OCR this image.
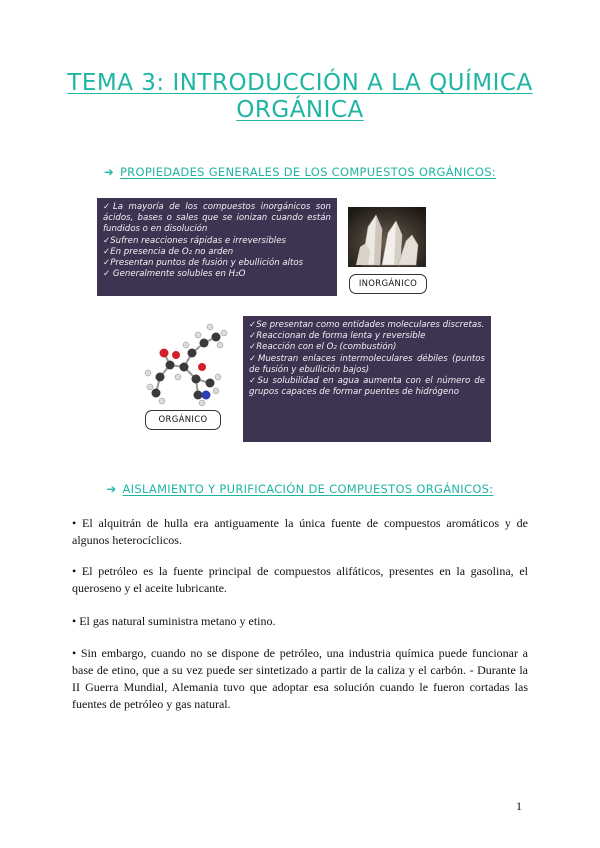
TEMA 3: INTRODUCCIÓN A LA QUÍMICA ORGÁNICA
➔ PROPIEDADES GENERALES DE LOS COMPUESTOS ORGÁNICOS:

✓La mayoría de los compuestos inorgánicos son ácidos, bases o sales que se ionizan cuando están fundidos o en disolución

✓Sufren reacciones rápidas e irreversibles

✓En presencia de O₂ no arden

✓Presentan puntos de fusión y ebullición altos

✓ Generalmente solubles en H₂O

INORGÁNICO
ORGÁNICO

✓Se presentan como entidades moleculares discretas.

✓Reaccionan de forma lenta y reversible

✓Reacción con el O₂ (combustión)

✓Muestran enlaces intermoleculares débiles (puntos de fusión y ebullición bajos)

✓Su solubilidad en agua aumenta con el número de grupos capaces de formar puentes de hidrógeno

➔ AISLAMIENTO Y PURIFICACIÓN DE COMPUESTOS ORGÁNICOS:

• El alquitrán de hulla era antiguamente la única fuente de compuestos aromáticos y de algunos heterocíclicos.

• El petróleo es la fuente principal de compuestos alifáticos, presentes en la gasolina, el queroseno y el aceite lubricante.

• El gas natural suministra metano y etino.

• Sin embargo, cuando no se dispone de petróleo, una industria química puede funcionar a base de etino, que a su vez puede ser sintetizado a partir de la caliza y el carbón. - Durante la II Guerra Mundial, Alemania tuvo que adoptar esa solución cuando le fueron cortadas las fuentes de petróleo y gas natural.

1
